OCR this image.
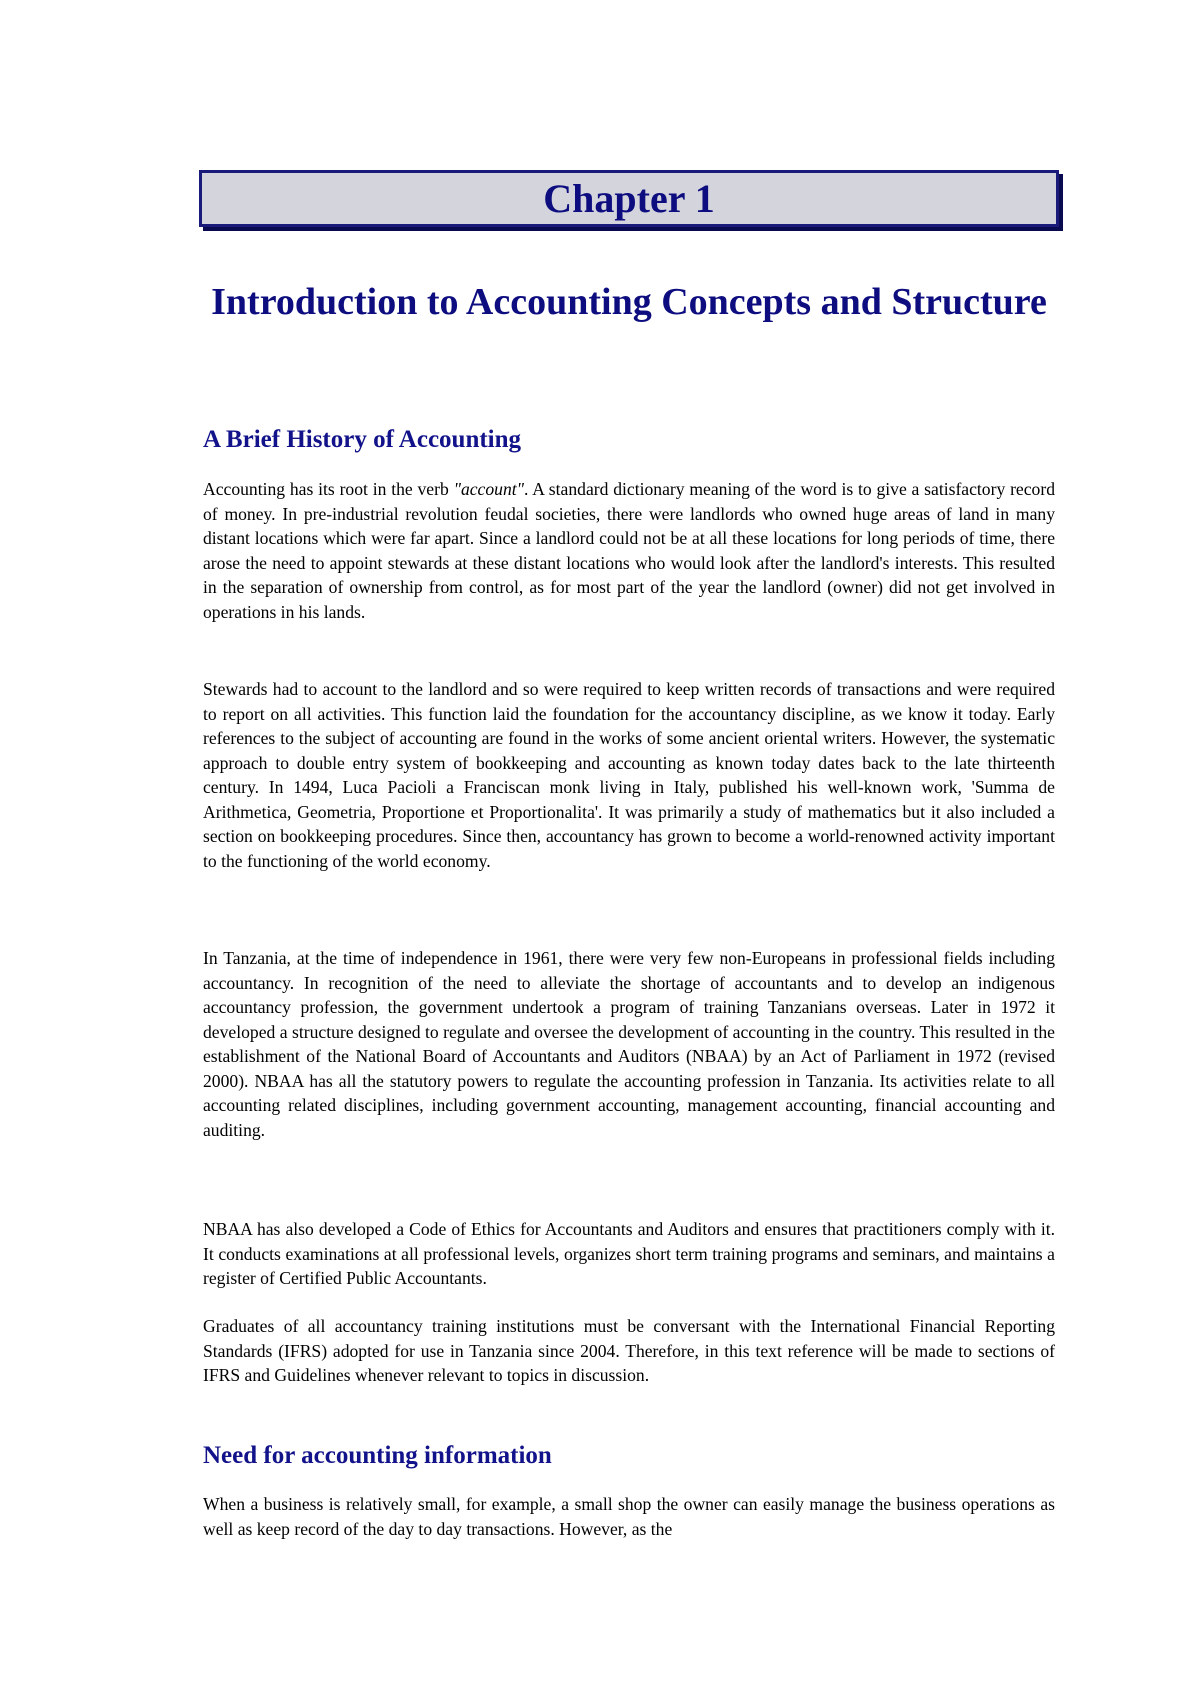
Chapter 1
Introduction to Accounting Concepts and Structure
A Brief History of Accounting

Accounting has its root in the verb "account". A standard dictionary meaning of the word is to give a satisfactory record of money. In pre-industrial revolution feudal societies, there were landlords who owned huge areas of land in many distant locations which were far apart. Since a landlord could not be at all these locations for long periods of time, there arose the need to appoint stewards at these distant locations who would look after the landlord's interests. This resulted in the separation of ownership from control, as for most part of the year the landlord (owner) did not get involved in operations in his lands.

Stewards had to account to the landlord and so were required to keep written records of transactions and were required to report on all activities. This function laid the foundation for the accountancy discipline, as we know it today. Early references to the subject of accounting are found in the works of some ancient oriental writers. However, the systematic approach to double entry system of bookkeeping and accounting as known today dates back to the late thirteenth century. In 1494, Luca Pacioli a Franciscan monk living in Italy, published his well-known work, 'Summa de Arithmetica, Geometria, Proportione et Proportionalita'. It was primarily a study of mathematics but it also included a section on bookkeeping procedures. Since then, accountancy has grown to become a world-renowned activity important to the functioning of the world economy.

In Tanzania, at the time of independence in 1961, there were very few non-Europeans in professional fields including accountancy. In recognition of the need to alleviate the shortage of accountants and to develop an indigenous accountancy profession, the government undertook a program of training Tanzanians overseas. Later in 1972 it developed a structure designed to regulate and oversee the development of accounting in the country. This resulted in the establishment of the National Board of Accountants and Auditors (NBAA) by an Act of Parliament in 1972 (revised 2000). NBAA has all the statutory powers to regulate the accounting profession in Tanzania. Its activities relate to all accounting related disciplines, including government accounting, management accounting, financial accounting and auditing.

NBAA has also developed a Code of Ethics for Accountants and Auditors and ensures that practitioners comply with it. It conducts examinations at all professional levels, organizes short term training programs and seminars, and maintains a register of Certified Public Accountants.

Graduates of all accountancy training institutions must be conversant with the International Financial Reporting Standards (IFRS) adopted for use in Tanzania since 2004. Therefore, in this text reference will be made to sections of IFRS and Guidelines whenever relevant to topics in discussion.

Need for accounting information

When a business is relatively small, for example, a small shop the owner can easily manage the business operations as well as keep record of the day to day transactions. However, as the
